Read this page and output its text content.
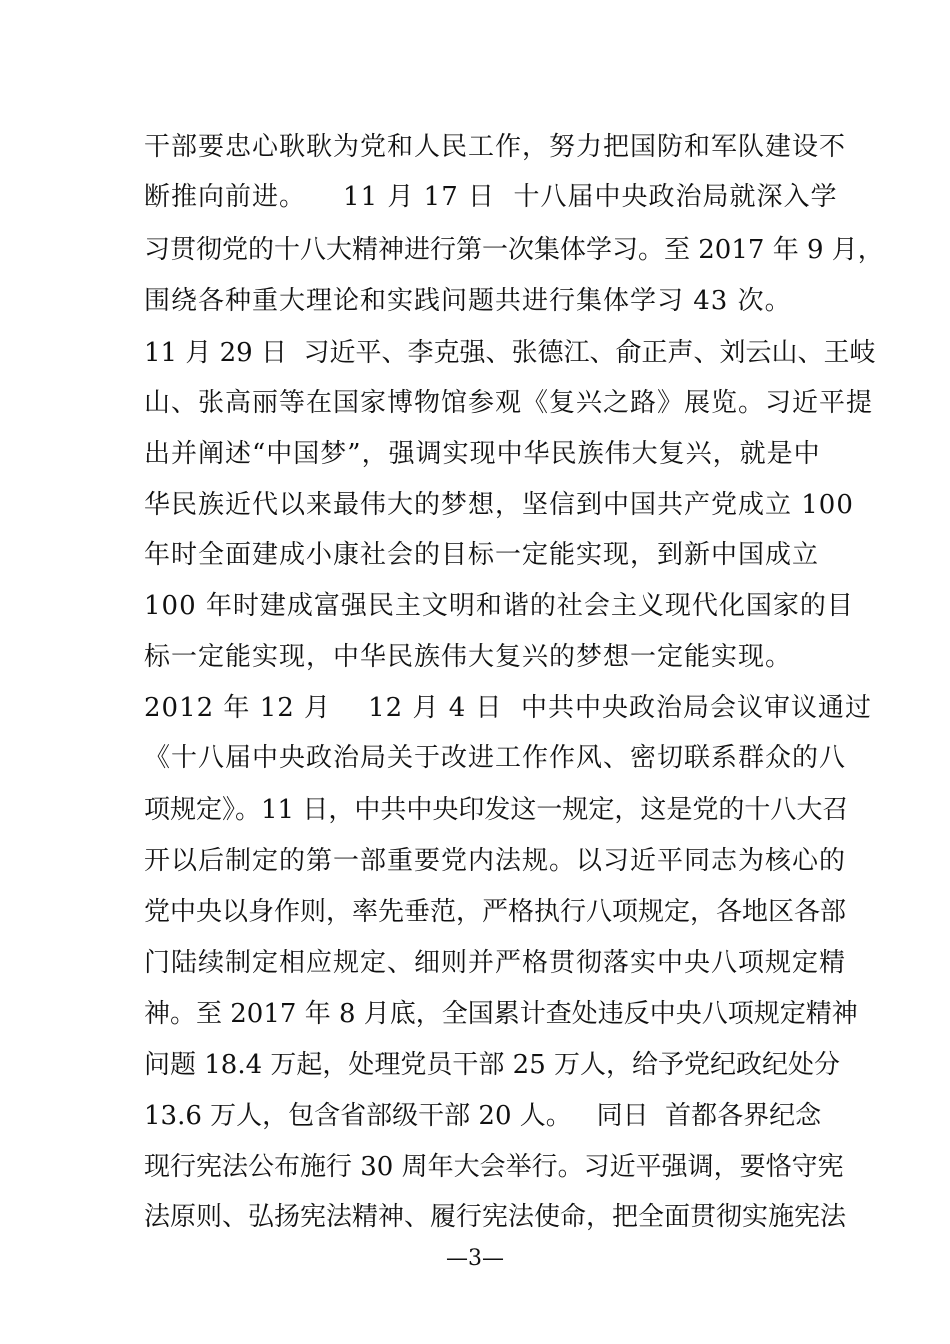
干部要忠心耿耿为党和人民工作，努力把国防和军队建设不
断推向前进。    11 月 17 日  十八届中央政治局就深入学
习贯彻党的十八大精神进行第一次集体学习。至 2017 年 9 月，
围绕各种重大理论和实践问题共进行集体学习 43 次。
11 月 29 日  习近平、李克强、张德江、俞正声、刘云山、王岐
山、张高丽等在国家博物馆参观《复兴之路》展览。习近平提
出并阐述“中国梦”，强调实现中华民族伟大复兴，就是中
华民族近代以来最伟大的梦想，坚信到中国共产党成立 100
年时全面建成小康社会的目标一定能实现，到新中国成立
100 年时建成富强民主文明和谐的社会主义现代化国家的目
标一定能实现，中华民族伟大复兴的梦想一定能实现。
2012 年 12 月    12 月 4 日  中共中央政治局会议审议通过
《十八届中央政治局关于改进工作作风、密切联系群众的八
项规定》。11 日，中共中央印发这一规定，这是党的十八大召
开以后制定的第一部重要党内法规。以习近平同志为核心的
党中央以身作则，率先垂范，严格执行八项规定，各地区各部
门陆续制定相应规定、细则并严格贯彻落实中央八项规定精
神。至 2017 年 8 月底，全国累计查处违反中央八项规定精神
问题 18.4 万起，处理党员干部 25 万人，给予党纪政纪处分
13.6 万人，包含省部级干部 20 人。   同日  首都各界纪念
现行宪法公布施行 30 周年大会举行。习近平强调，要恪守宪
法原则、弘扬宪法精神、履行宪法使命，把全面贯彻实施宪法
—3—
